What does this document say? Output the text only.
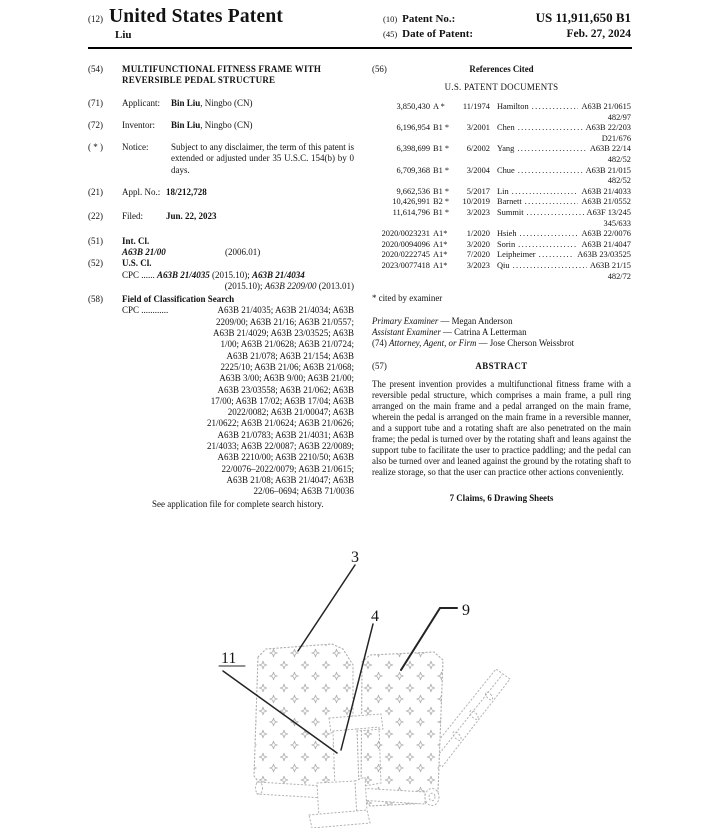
(12) United States Patent
Liu
(10) Patent No.:	US 11,911,650 B1
(45) Date of Patent:	Feb. 27, 2024
(54)	MULTIFUNCTIONAL FITNESS FRAME WITH REVERSIBLE PEDAL STRUCTURE
(71)	Applicant:	Bin Liu, Ningbo (CN)
(72)	Inventor:	Bin Liu, Ningbo (CN)
( * )	Notice:	Subject to any disclaimer, the term of this patent is extended or adjusted under 35 U.S.C. 154(b) by 0 days.
(21)	Appl. No.: 18/212,728
(22)	Filed:	Jun. 22, 2023
(51)	Int. Cl.
A63B 21/00	(2006.01)
(52)	U.S. Cl.
CPC ...... A63B 21/4035 (2015.10); A63B 21/4034
(2015.10); A63B 2209/00 (2013.01)
(58)	Field of Classification Search
CPC ............	A63B 21/4035; A63B 21/4034; A63B
2209/00; A63B 21/16; A63B 21/0557;
A63B 21/4029; A63B 23/03525; A63B
1/00; A63B 21/0628; A63B 21/0724;
A63B 21/078; A63B 21/154; A63B
2225/10; A63B 21/06; A63B 21/068;
A63B 3/00; A63B 9/00; A63B 21/00;
A63B 23/03558; A63B 21/062; A63B
17/00; A63B 17/02; A63B 17/04; A63B
2022/0082; A63B 21/00047; A63B
21/0622; A63B 21/0624; A63B 21/0626;
A63B 21/0783; A63B 21/4031; A63B
21/4033; A63B 22/0087; A63B 22/0089;
A63B 2210/00; A63B 2210/50; A63B
22/0076–2022/0079; A63B 21/0615;
A63B 21/08; A63B 21/4047; A63B
22/06–0694; A63B 71/0036
See application file for complete search history.
(56)	References Cited
U.S. PATENT DOCUMENTS
3,850,430 A *	11/1974 Hamilton .....	A63B 21/0615
482/97
6,196,954 B1 *	3/2001 Chen .....	A63B 22/203
D21/676
6,398,699 B1 *	6/2002 Yang .....	A63B 22/14
482/52
6,709,368 B1 *	3/2004 Chue .....	A63B 21/015
482/52
9,662,536 B1 *	5/2017 Lin .....	A63B 21/4033
10,426,991 B2 *	10/2019 Barnett .....	A63B 21/0552
11,614,796 B1 *	3/2023 Summit .....	A63F 13/245
345/633
2020/0023231 A1*	1/2020 Hsieh .....	A63B 22/0076
2020/0094096 A1*	3/2020 Sorin .....	A63B 21/4047
2020/0222745 A1*	7/2020 Leipheimer .....	A63B 23/03525
2023/0077418 A1*	3/2023 Qiu .....	A63B 21/15
482/72
* cited by examiner
Primary Examiner — Megan Anderson
Assistant Examiner — Catrina A Letterman
(74) Attorney, Agent, or Firm — Jose Cherson Weissbrot
(57)	ABSTRACT
The present invention provides a multifunctional fitness frame with a reversible pedal structure, which comprises a main frame, a pull ring arranged on the main frame and a pedal arranged on the main frame, wherein the pedal is arranged on the main frame in a reversible manner, and a support tube and a rotating shaft are also penetrated on the main frame; the pedal is turned over by the rotating shaft and leans against the support tube to facilitate the user to practice paddling; and the pedal can also be turned over and leaned against the ground by the rotating shaft to realize storage, so that the user can practice other actions conveniently.
7 Claims, 6 Drawing Sheets
3
4	9
11
